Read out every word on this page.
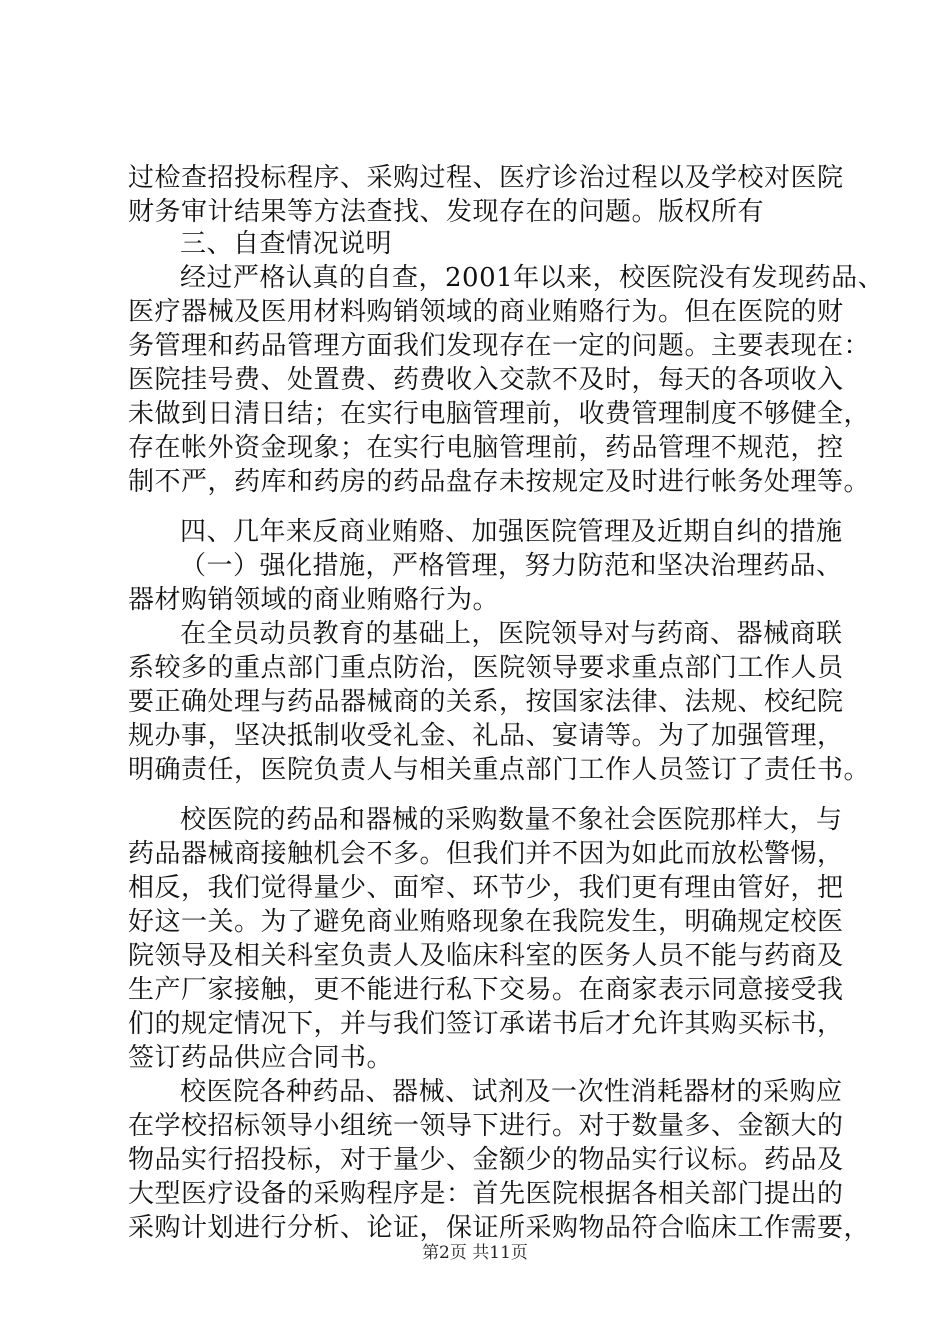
过检查招投标程序、采购过程、医疗诊治过程以及学校对医院
财务审计结果等方法查找、发现存在的问题。版权所有
三、自查情况说明
经过严格认真的自查，2001年以来，校医院没有发现药品、
医疗器械及医用材料购销领域的商业贿赂行为。但在医院的财
务管理和药品管理方面我们发现存在一定的问题。主要表现在：
医院挂号费、处置费、药费收入交款不及时，每天的各项收入
未做到日清日结；在实行电脑管理前，收费管理制度不够健全，
存在帐外资金现象；在实行电脑管理前，药品管理不规范，控
制不严，药库和药房的药品盘存未按规定及时进行帐务处理等。
四、几年来反商业贿赂、加强医院管理及近期自纠的措施
（一）强化措施，严格管理，努力防范和坚决治理药品、
器材购销领域的商业贿赂行为。
在全员动员教育的基础上，医院领导对与药商、器械商联
系较多的重点部门重点防治，医院领导要求重点部门工作人员
要正确处理与药品器械商的关系，按国家法律、法规、校纪院
规办事，坚决抵制收受礼金、礼品、宴请等。为了加强管理，
明确责任，医院负责人与相关重点部门工作人员签订了责任书。
校医院的药品和器械的采购数量不象社会医院那样大，与
药品器械商接触机会不多。但我们并不因为如此而放松警惕，
相反，我们觉得量少、面窄、环节少，我们更有理由管好，把
好这一关。为了避免商业贿赂现象在我院发生，明确规定校医
院领导及相关科室负责人及临床科室的医务人员不能与药商及
生产厂家接触，更不能进行私下交易。在商家表示同意接受我
们的规定情况下，并与我们签订承诺书后才允许其购买标书，
签订药品供应合同书。
校医院各种药品、器械、试剂及一次性消耗器材的采购应
在学校招标领导小组统一领导下进行。对于数量多、金额大的
物品实行招投标，对于量少、金额少的物品实行议标。药品及
大型医疗设备的采购程序是：首先医院根据各相关部门提出的
采购计划进行分析、论证，保证所采购物品符合临床工作需要，
第2页 共11页
